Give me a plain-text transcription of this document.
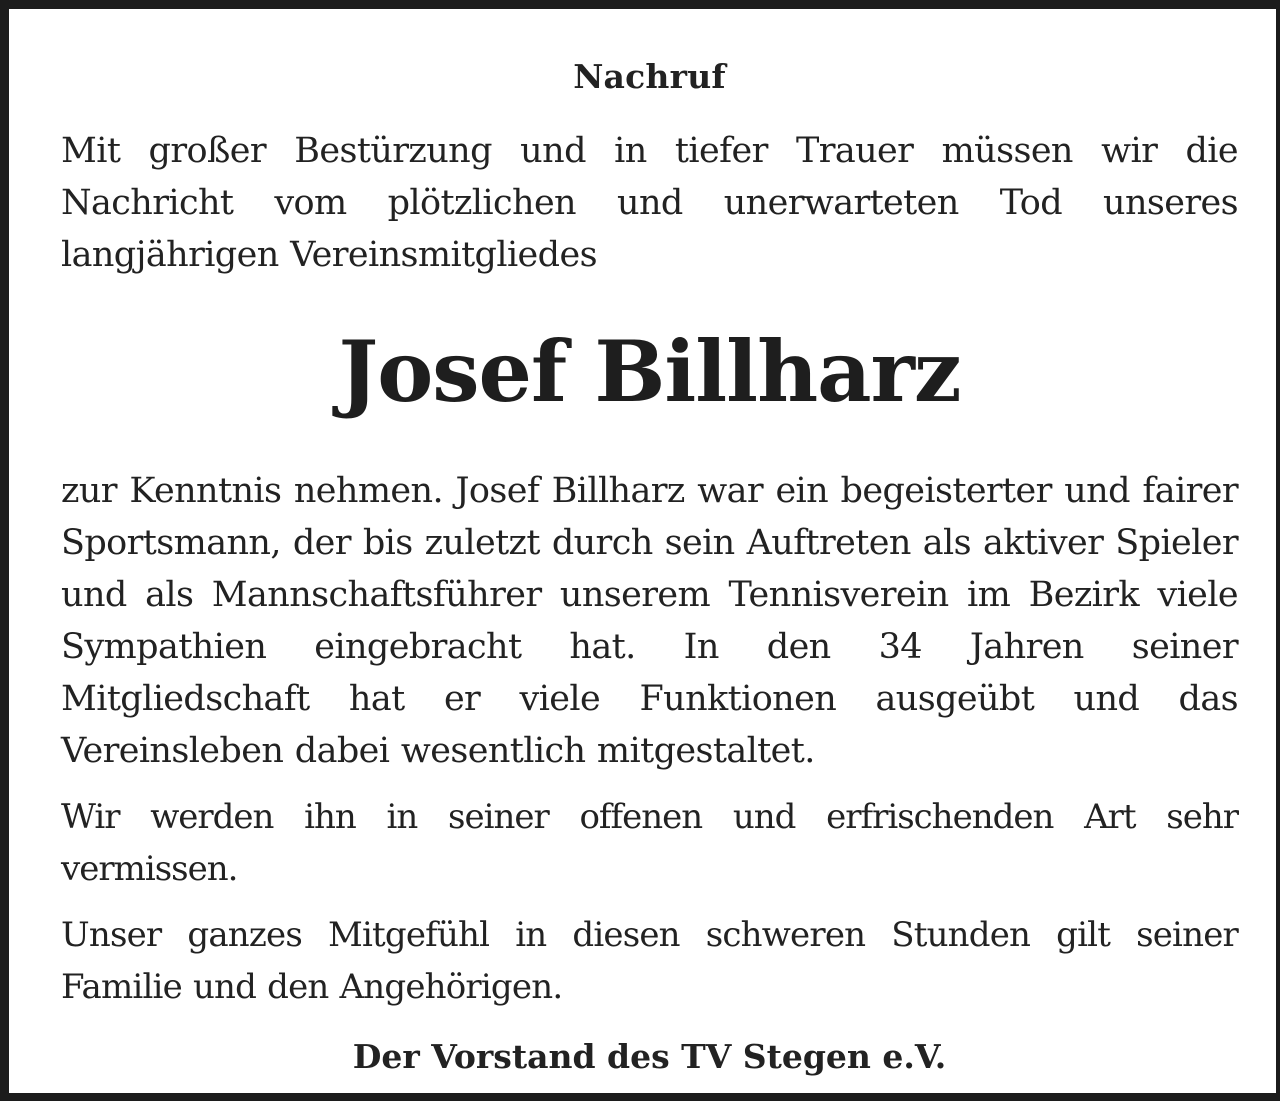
Nachruf

Mit großer Bestürzung und in tiefer Trauer müssen wir die Nachricht vom plötzlichen und unerwarteten Tod unseres langjährigen Vereinsmitgliedes

Josef Billharz

zur Kenntnis nehmen. Josef Billharz war ein begeisterter und fairer Sportsmann, der bis zuletzt durch sein Auftreten als aktiver Spieler und als Mannschaftsführer unserem Tennisverein im Bezirk viele Sympathien eingebracht hat. In den 34 Jahren seiner Mitgliedschaft hat er viele Funktionen ausgeübt und das Vereinsleben dabei wesentlich mitgestaltet.

Wir werden ihn in seiner offenen und erfrischenden Art sehr vermissen.

Unser ganzes Mitgefühl in diesen schweren Stunden gilt seiner Familie und den Angehörigen.

Der Vorstand des TV Stegen e.V.
